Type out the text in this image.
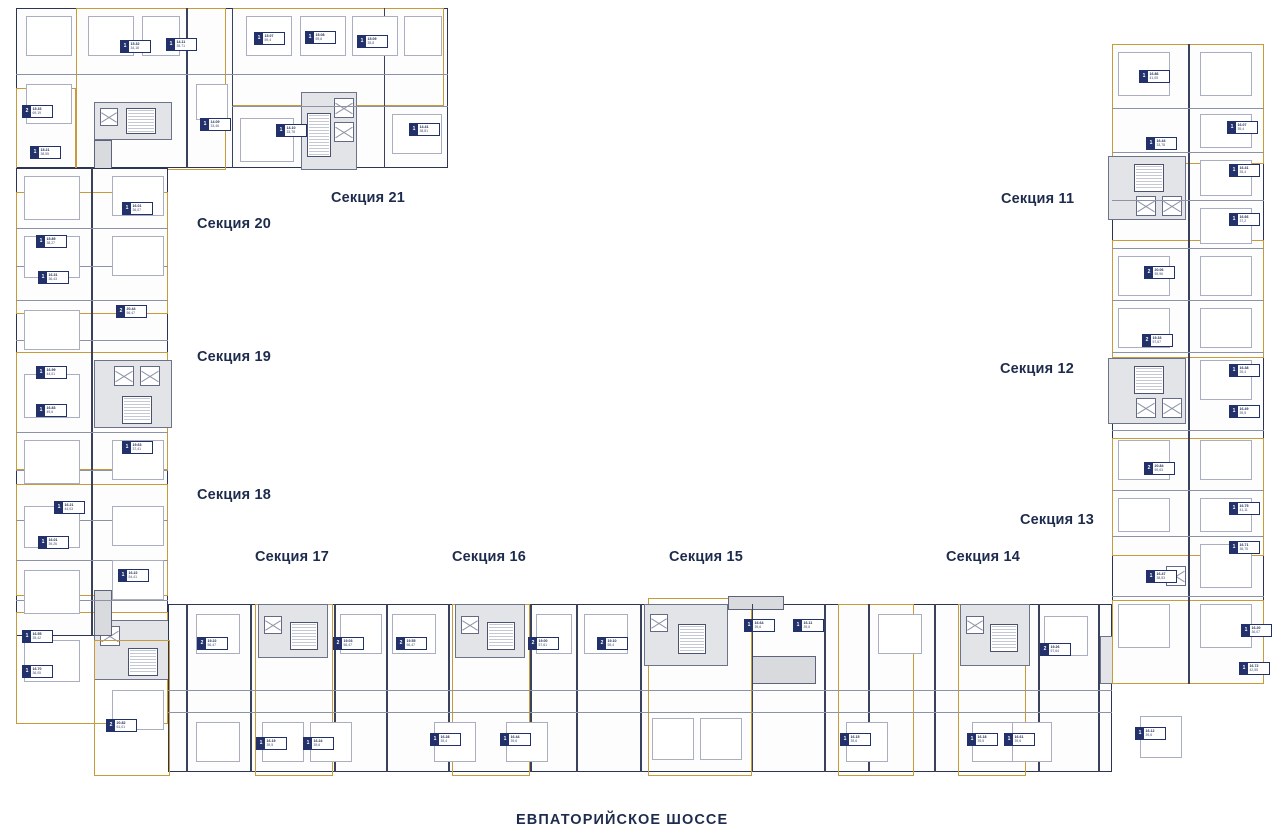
Секция 21
Секция 20
Секция 19
Секция 18
Секция 17	Секция 16	Секция 15	Секция 14
Секция 13
Секция 12
Секция 11
ЕВПАТОРИЙСКОЕ ШОССЕ
1	15.32
34,18
1	14.11
35.71
1	15.07
59,4	1	15.08
59,6	1	15.09
35,8
2	15.33
69,19
1	15.21
38,55
1	14.09
33,46
1	14.10
33,78	1	14.41
38,81
1	16.01
36,07
1	15.89
38,27
1	16.31
36,43
2	20.44
56,47
1	16.99
44,01
1	16.83
49,6
1	19.63
37,41
1	16.21
44,03
1	16.01
39,26
1	16.22
54,41
1	16.55
35,42
1	16.70
36,05
2	20.82
61,01
2	19.22
56,47	2	19.03
56,47	2	19.55
56,47	2	19.00
57,61	2	19.10
55,4
1	16.64
39,6	1	16.11
39,6
2	19.26
57,64
1	16.19
39,5	1	16.24
39,6
1	16.28
39,4	1	16.44
39,6	1	16.15
39,6	1	16.18
39,5	1	16.61
39,6
1	16.12
39,6
1	16.72
42,55
1	16.86
41,05
1	16.44
33,78
1	16.07
39,4
1	16.41
35,4
1	16.66
37,2
2	20.06
55,96
2	19.33
57,67
1	16.48
39,4
1	16.49
39,5
2	20.84
59,63
1	16.75
41,11
1	16.71
36,75
1	16.47
38,53
1	16.20
36,07
